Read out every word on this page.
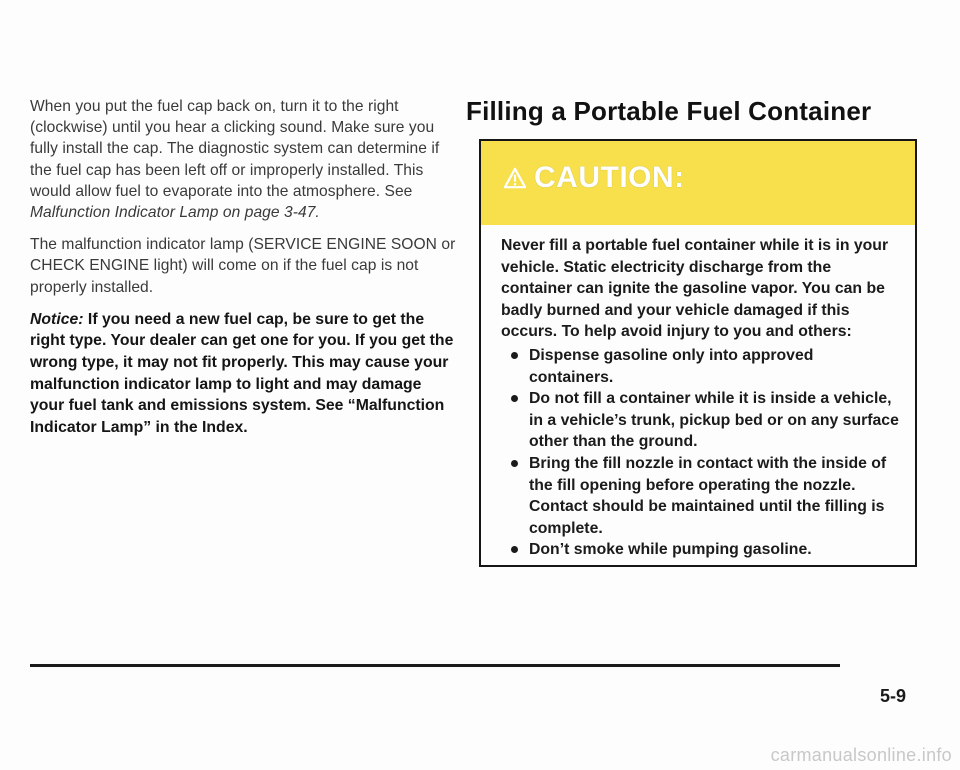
When you put the fuel cap back on, turn it to the right (clockwise) until you hear a clicking sound. Make sure you fully install the cap. The diagnostic system can determine if the fuel cap has been left off or improperly installed. This would allow fuel to evaporate into the atmosphere. See Malfunction Indicator Lamp on page 3-47.

The malfunction indicator lamp (SERVICE ENGINE SOON or CHECK ENGINE light) will come on if the fuel cap is not properly installed.

Notice: If you need a new fuel cap, be sure to get the right type. Your dealer can get one for you. If you get the wrong type, it may not fit properly. This may cause your malfunction indicator lamp to light and may damage your fuel tank and emissions system. See “Malfunction Indicator Lamp” in the Index.

Filling a Portable Fuel Container
CAUTION:

Never fill a portable fuel container while it is in your vehicle. Static electricity discharge from the container can ignite the gasoline vapor. You can be badly burned and your vehicle damaged if this occurs. To help avoid injury to you and others:

Dispense gasoline only into approved containers.
Do not fill a container while it is inside a vehicle, in a vehicle’s trunk, pickup bed or on any surface other than the ground.
Bring the fill nozzle in contact with the inside of the fill opening before operating the nozzle. Contact should be maintained until the filling is complete.
Don’t smoke while pumping gasoline.
5-9
carmanualsonline.info
